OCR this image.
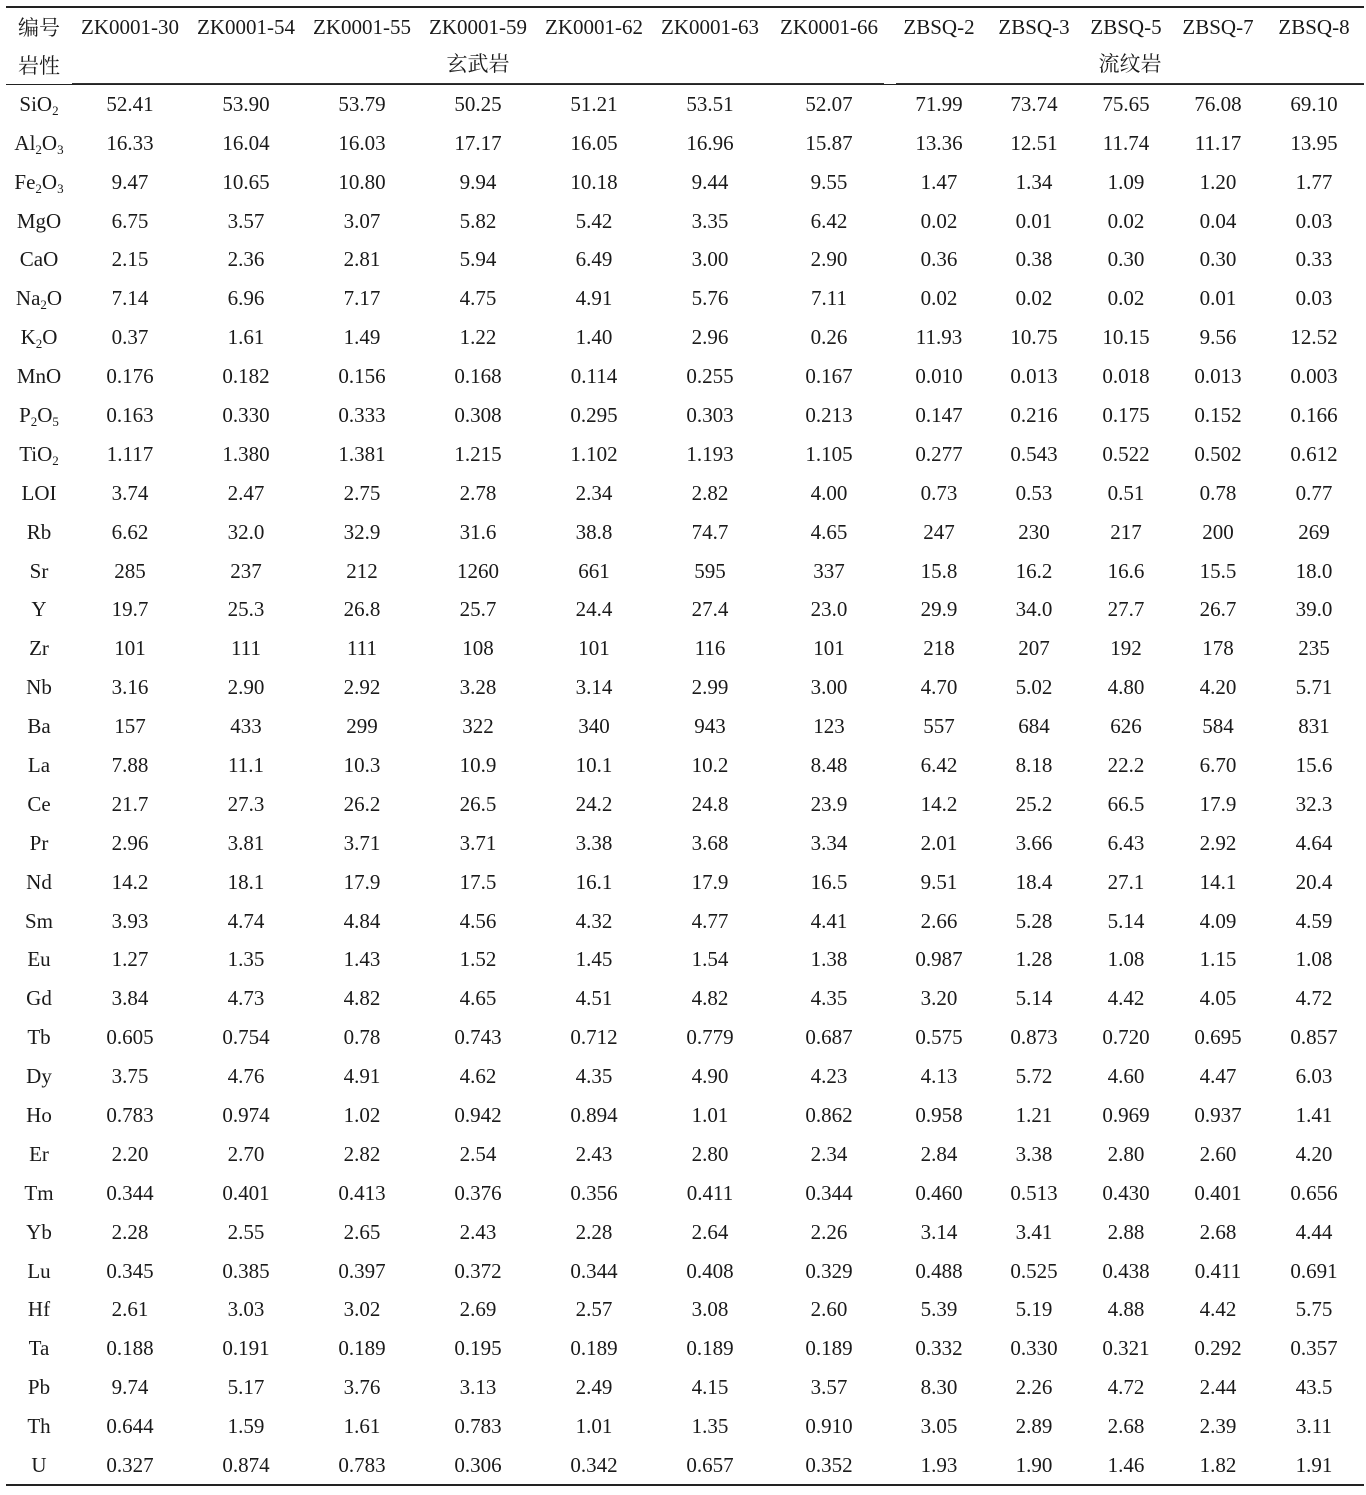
编号	ZK0001-30	ZK0001-54	ZK0001-55	ZK0001-59	ZK0001-62	ZK0001-63	ZK0001-66	ZBSQ-2	ZBSQ-3	ZBSQ-5	ZBSQ-7	ZBSQ-8
岩性	玄武岩							流纹岩				

SiO$_2$	52.41	53.90	53.79	50.25	51.21	53.51	52.07	71.99	73.74	75.65	76.08	69.10
$Al_2O_3$	16.33	16.04	16.03	17.17	16.05	16.96	15.87	13.36	12.51	11.74	11.17	13.95
$Fe_2O_3$	9.47	10.65	10.80	9.94	10.18	9.44	9.55	1.47	1.34	1.09	1.20	1.77
MgO	6.75	3.57	3.07	5.82	5.42	3.35	6.42	0.02	0.01	0.02	0.04	0.03
CaO	2.15	2.36	2.81	5.94	6.49	3.00	2.90	0.36	0.38	0.30	0.30	0.33
$Na_2O$	7.14	6.96	7.17	4.75	4.91	5.76	7.11	0.02	0.02	0.02	0.01	0.03
$K_2O$	0.37	1.61	1.49	1.22	1.40	2.96	0.26	11.93	10.75	10.15	9.56	12.52
MnO	0.176	0.182	0.156	0.168	0.114	0.255	0.167	0.010	0.013	0.018	0.013	0.003
$P_2O_5$	0.163	0.330	0.333	0.308	0.295	0.303	0.213	0.147	0.216	0.175	0.152	0.166
TiO$_2$	1.117	1.380	1.381	1.215	1.102	1.193	1.105	0.277	0.543	0.522	0.502	0.612
LOI	3.74	2.47	2.75	2.78	2.34	2.82	4.00	0.73	0.53	0.51	0.78	0.77
Rb	6.62	32.0	32.9	31.6	38.8	74.7	4.65	247	230	217	200	269
Sr	285	237	212	1260	661	595	337	15.8	16.2	16.6	15.5	18.0
Y	19.7	25.3	26.8	25.7	24.4	27.4	23.0	29.9	34.0	27.7	26.7	39.0
Zr	101	111	111	108	101	116	101	218	207	192	178	235
Nb	3.16	2.90	2.92	3.28	3.14	2.99	3.00	4.70	5.02	4.80	4.20	5.71
Ba	157	433	299	322	340	943	123	557	684	626	584	831
La	7.88	11.1	10.3	10.9	10.1	10.2	8.48	6.42	8.18	22.2	6.70	15.6
Ce	21.7	27.3	26.2	26.5	24.2	24.8	23.9	14.2	25.2	66.5	17.9	32.3
Pr	2.96	3.81	3.71	3.71	3.38	3.68	3.34	2.01	3.66	6.43	2.92	4.64
Nd	14.2	18.1	17.9	17.5	16.1	17.9	16.5	9.51	18.4	27.1	14.1	20.4
Sm	3.93	4.74	4.84	4.56	4.32	4.77	4.41	2.66	5.28	5.14	4.09	4.59
Eu	1.27	1.35	1.43	1.52	1.45	1.54	1.38	0.987	1.28	1.08	1.15	1.08
Gd	3.84	4.73	4.82	4.65	4.51	4.82	4.35	3.20	5.14	4.42	4.05	4.72
Tb	0.605	0.754	0.78	0.743	0.712	0.779	0.687	0.575	0.873	0.720	0.695	0.857
Dy	3.75	4.76	4.91	4.62	4.35	4.90	4.23	4.13	5.72	4.60	4.47	6.03
Ho	0.783	0.974	1.02	0.942	0.894	1.01	0.862	0.958	1.21	0.969	0.937	1.41
Er	2.20	2.70	2.82	2.54	2.43	2.80	2.34	2.84	3.38	2.80	2.60	4.20
Tm	0.344	0.401	0.413	0.376	0.356	0.411	0.344	0.460	0.513	0.430	0.401	0.656
Yb	2.28	2.55	2.65	2.43	2.28	2.64	2.26	3.14	3.41	2.88	2.68	4.44
Lu	0.345	0.385	0.397	0.372	0.344	0.408	0.329	0.488	0.525	0.438	0.411	0.691
Hf	2.61	3.03	3.02	2.69	2.57	3.08	2.60	5.39	5.19	4.88	4.42	5.75
Ta	0.188	0.191	0.189	0.195	0.189	0.189	0.189	0.332	0.330	0.321	0.292	0.357
Pb	9.74	5.17	3.76	3.13	2.49	4.15	3.57	8.30	2.26	4.72	2.44	43.5
Th	0.644	1.59	1.61	0.783	1.01	1.35	0.910	3.05	2.89	2.68	2.39	3.11
U	0.327	0.874	0.783	0.306	0.342	0.657	0.352	1.93	1.90	1.46	1.82	1.91
